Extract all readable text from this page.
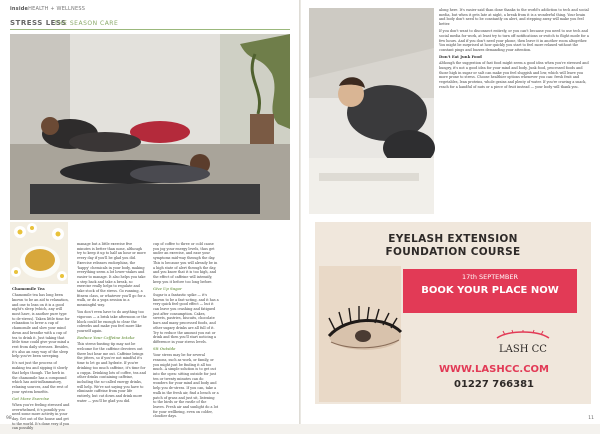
insideHEALTH + WELLNESS
STRESS LESS
THE SEASON CARE

Chamomile Tea

Chamomile tea has long been known to be an aid to relaxation, and one to lean on it is a good night's sleep (which, any will most have, is another pure type to de-stress). Taken little time for relaxation to brew a cup of chamomile and slow your mind down and breathe with a cup of tea to drink it. Just taking that little time could give your mind a rest from daily stresses. Besides, it's also an easy way of the sleep help you've been sweeping.

It's not just the process of making tea and sipping it slowly that helps though. The herb in the chamomile has a compound which has anti-inflammatory, relaxing sources, and the rest of your system benefits.

Get More Exercise

When you're feeling stressed and overwhelmed, it's possibly you need some more activity in your day. Get out of the house and get to the world. It's done very if you can possibly

manage but a little exercise five minutes is better than none, although try to keep it up to half an hour or more every day if you'll be glad you did. Exercise releases endorphins, the 'happy' chemicals in your body, making everything seem a lot lower-stakes and easier to manage. It also helps you take a step back and take a break, so exercise really helps to regulate and take stock of the stress. Go running, a fitness class, or whatever you'll go for a walk, or do a yoga session in a meaningful way.

You don't even have to do anything too vigorous — a brisk take afternoon or the block could be enough to clear the cobwebs and make you feel more like yourself again.

Reduce Your Caffeine Intake

This stress-busting tip may not be welcome for the caffeine devotees out there but hear me out. Caffeine brings the jitters, so if you're not mindful it's time to let go and hydrate. If you're drinking too much caffeine, it's time for a cuppa. Drinking lots of coffee, tea and other drinks containing caffeine, including the so-called energy drinks, will help. We're not saying you have to eliminate caffeine from your life entirely, but cut down and drink more water — you'll be glad you did.

cup of coffee to three or cold cause you jog your energy levels, thus get under an exercise, and ease your symptoms mid-way through the day. This is because you will already be in a high state of alert through the day, and you know that it is too high, and the effect of caffeine will intensify, keep you it before too long before.

Give Up Sugar

Sugar is a fantastic spike — it's known to be a fast-acting, and it has a very quick feel-good effect — but it can leave you crashing and fatigued just after consumption. Cakes, sweets, pastries, biscuits, chocolate bars and many processed foods, and other sugary drinks are all full of it. Try to reduce the amount you eat or drink and then you'll start noticing a difference in your stress levels.

Sit Outside

Your stress may be for several reasons, such as work, or family, or you might just be finding it all too much. A simple solution is to get out into the open: sitting outside for just ten or twenty minutes can do wonders for your mind and body and help you de-stress. If you can, take a walk in the fresh air, find a bench or a patch of grass and just sit, listening to the birds or the rustle of the leaves. Fresh air and sunlight do a lot for your wellbeing, even on colder, cloudier days.

98

along here. It's easier said than done thanks to the world's addiction to tech and social media, but when it gets late at night, a break from it is a wonderful thing. Your brain and body don't need to be constantly on alert, and stepping away will make you feel better.

If you don't want to disconnect entirely, or you can't because you need to use tech and social media for work, at least try to turn off notifications or switch to flight mode for a few hours. And if you don't need your phone, then leave it in another room altogether. You might be surprised at how quickly you start to feel more relaxed without the constant pings and buzzes demanding your attention.

Don't Eat Junk Food

Although the suggestion of fast food might seem a good idea when you're stressed and hungry, it's not a good idea for your mind and body. Junk food, processed foods and those high in sugar or salt can make you feel sluggish and low, which will leave you more prone to stress. Choose healthier options whenever you can: fresh fruit and vegetables, lean proteins, whole grains and plenty of water. If you're craving a snack, reach for a handful of nuts or a piece of fruit instead — your body will thank you.

EYELASH EXTENSION
FOUNDATION COURSE
17th SEPTEMBER
BOOK YOUR PLACE NOW
LASH CC
WWW.LASHCC.COM
01227 766381
11
